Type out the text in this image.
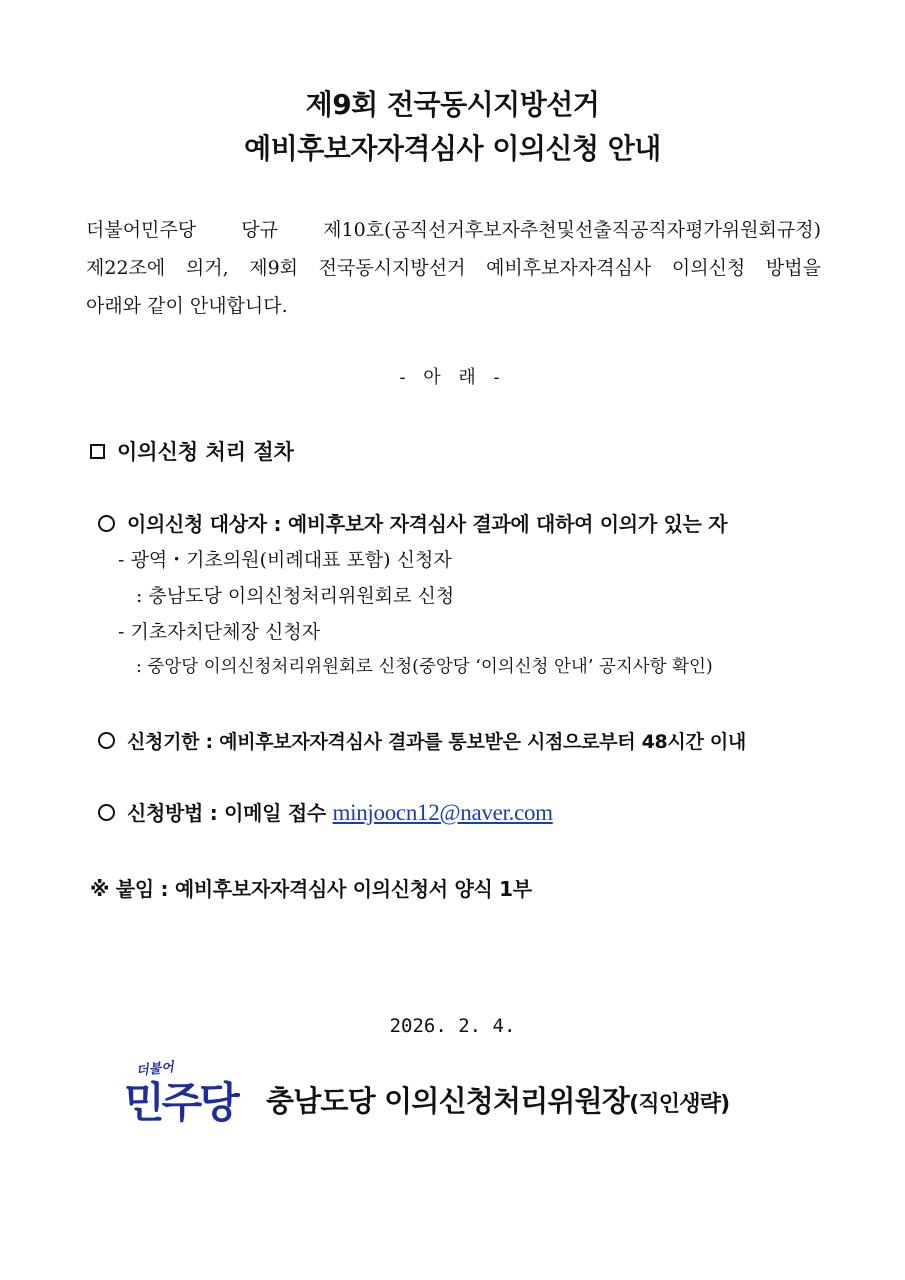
제9회 전국동시지방선거
예비후보자자격심사 이의신청 안내
더불어민주당 당규 제10호(공직선거후보자추천및선출직공직자평가위원회규정)
제22조에 의거, 제9회 전국동시지방선거 예비후보자자격심사 이의신청 방법을
아래와 같이 안내합니다.
- 아 래 -
이의신청 처리 절차
이의신청 대상자 : 예비후보자 자격심사 결과에 대하여 이의가 있는 자
- 광역・기초의원(비례대표 포함) 신청자
: 충남도당 이의신청처리위원회로 신청
- 기초자치단체장 신청자
: 중앙당 이의신청처리위원회로 신청(중앙당 ‘이의신청 안내’ 공지사항 확인)
신청기한 : 예비후보자자격심사 결과를 통보받은 시점으로부터 48시간 이내
신청방법 : 이메일 접수 minjoocn12@naver.com
※ 붙임 : 예비후보자자격심사 이의신청서 양식 1부
2026. 2. 4.
더불어
민주당 충남도당 이의신청처리위원장(직인생략)
